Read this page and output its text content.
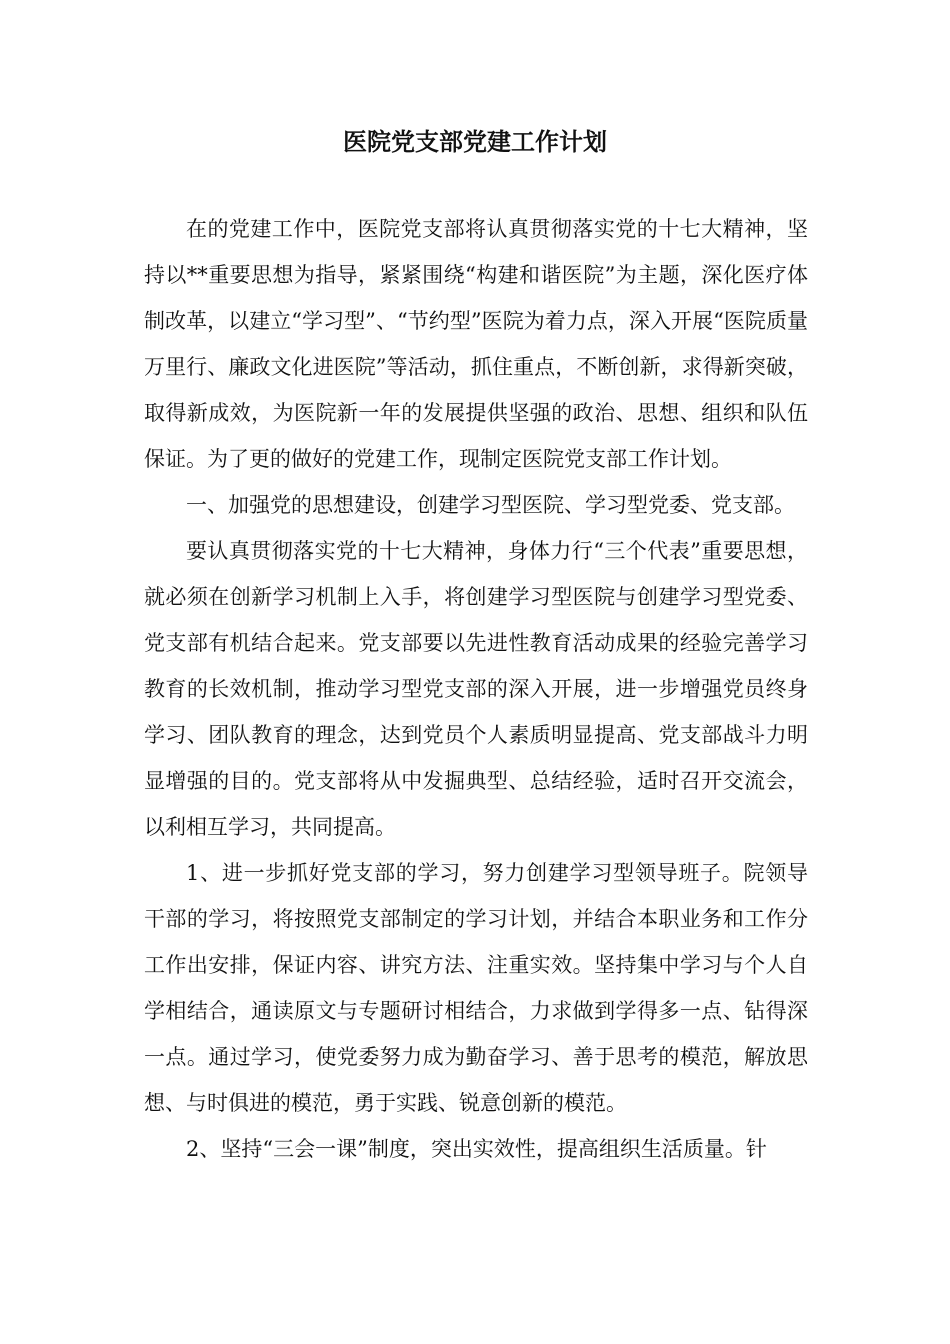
医院党支部党建工作计划

在的党建工作中，医院党支部将认真贯彻落实党的十七大精神，坚持以**重要思想为指导，紧紧围绕“构建和谐医院”为主题，深化医疗体制改革，以建立“学习型”、“节约型”医院为着力点，深入开展“医院质量万里行、廉政文化进医院”等活动，抓住重点，不断创新，求得新突破，取得新成效，为医院新一年的发展提供坚强的政治、思想、组织和队伍保证。为了更的做好的党建工作，现制定医院党支部工作计划。

一、加强党的思想建设，创建学习型医院、学习型党委、党支部。

要认真贯彻落实党的十七大精神，身体力行“三个代表”重要思想，就必须在创新学习机制上入手，将创建学习型医院与创建学习型党委、党支部有机结合起来。党支部要以先进性教育活动成果的经验完善学习教育的长效机制，推动学习型党支部的深入开展，进一步增强党员终身学习、团队教育的理念，达到党员个人素质明显提高、党支部战斗力明显增强的目的。党支部将从中发掘典型、总结经验，适时召开交流会，以利相互学习，共同提高。

1、进一步抓好党支部的学习，努力创建学习型领导班子。院领导干部的学习，将按照党支部制定的学习计划，并结合本职业务和工作分工作出安排，保证内容、讲究方法、注重实效。坚持集中学习与个人自学相结合，通读原文与专题研讨相结合，力求做到学得多一点、钻得深一点。通过学习，使党委努力成为勤奋学习、善于思考的模范，解放思想、与时俱进的模范，勇于实践、锐意创新的模范。

2、坚持“三会一课”制度，突出实效性，提高组织生活质量。针
